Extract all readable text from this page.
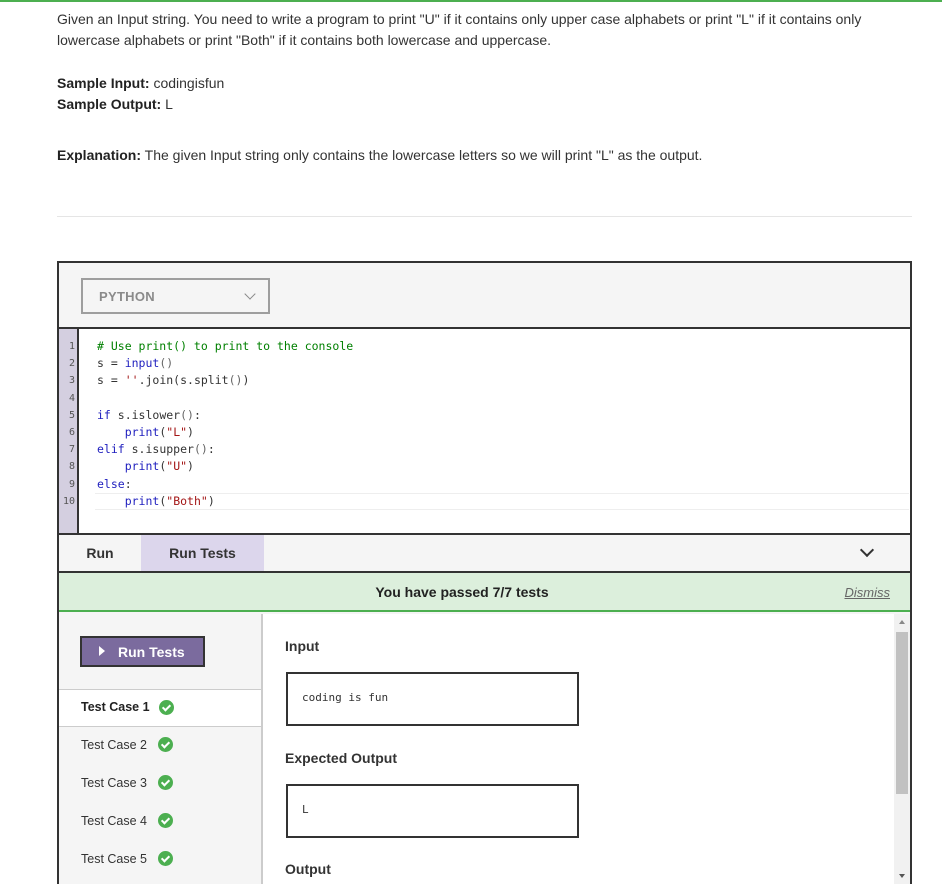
Given an Input string. You need to write a program to print "U" if it contains only upper case alphabets or print "L" if it contains only lowercase alphabets or print "Both" if it contains both lowercase and uppercase.

Sample Input: codingisfun
Sample Output: L
Explanation: The given Input string only contains the lowercase letters so we will print "L" as the output.
PYTHON
1
2
3
4
5
6
7
8
9
10
# Use print() to print to the console
s = input()
s = ''.join(s.split())

if s.islower():
print("L")
elif s.isupper():
print("U")
else:
print("Both")
Run	Run Tests
You have passed 7/7 tests	Dismiss
Run Tests
Test Case 1
Test Case 2
Test Case 3
Test Case 4
Test Case 5
Input
coding is fun
Expected Output
L
Output
